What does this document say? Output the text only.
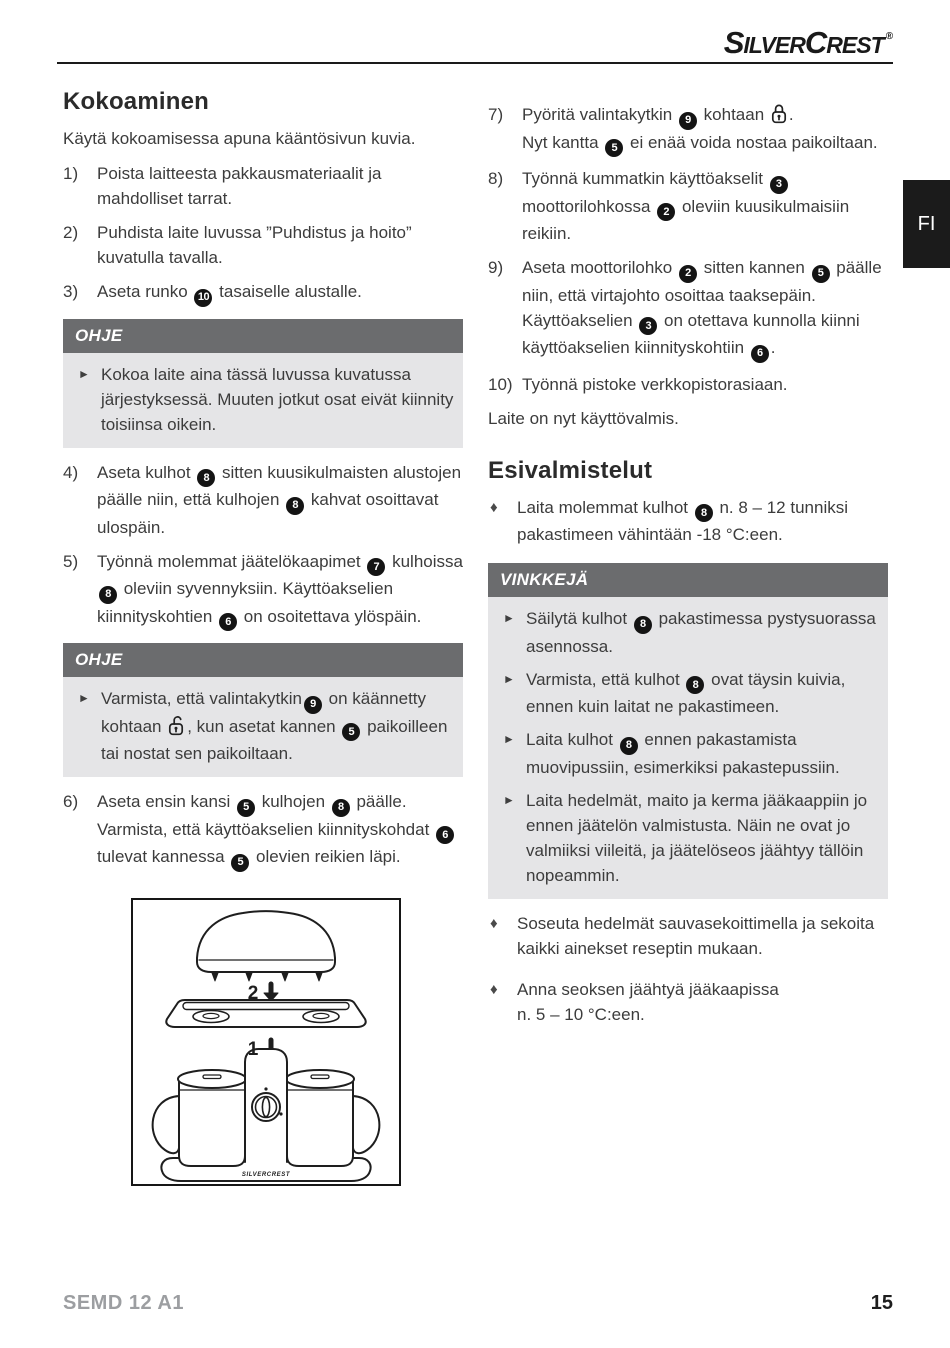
SILVERCREST ®
FI
Kokoaminen

Käytä kokoamisessa apuna kääntösivun kuvia.

1)	Poista laitteesta pakkausmateriaalit ja mahdolliset tarrat.
2)	Puhdista laite luvussa ”Puhdistus ja hoito” kuvatulla tavalla.
3)	Aseta runko 10 tasaiselle alustalle.
OHJE
► Kokoa laite aina tässä luvussa kuvatussa järjestyksessä. Muuten jotkut osat eivät kiinnity toisiinsa oikein.
4)	Aseta kulhot 8 sitten kuusikulmaisten alustojen päälle niin, että kulhojen 8 kahvat osoittavat ulospäin.
5)	Työnnä molemmat jäätelökaapimet 7 kulhoissa 8 oleviin syvennyksiin. Käyttöakselien kiinnityskohtien 6 on osoitettava ylöspäin.
OHJE
► Varmista, että valintakytkin 9 on käännetty kohtaan
, kun asetat kannen 5 paikoilleen tai nostat sen paikoiltaan.
6)	Aseta ensin kansi 5 kulhojen 8 päälle. Varmista, että käyttöakselien kiinnityskohdat 6 tulevat kannessa 5 olevien reikien läpi.
2
1
SILVERCREST
7)	Pyöritä valintakytkin 9 kohtaan
.
Nyt kantta 5 ei enää voida nostaa paikoiltaan.
8)	Työnnä kummatkin käyttöakselit 3 moottorilohkossa 2 oleviin kuusikulmaisiin reikiin.
9)	Aseta moottorilohko 2 sitten kannen 5 päälle niin, että virtajohto osoittaa taaksepäin. Käyttöakselien 3 on otettava kunnolla kiinni käyttöakselien kiinnityskohtiin 6 .
10) Työnnä pistoke verkkopistorasiaan.

Laite on nyt käyttövalmis.

Esivalmistelut
♦	Laita molemmat kulhot 8 n. 8 – 12 tunniksi pakastimeen vähintään -18 °C:een.
VINKKEJÄ
► Säilytä kulhot 8 pakastimessa pystysuorassa asennossa.
► Varmista, että kulhot 8 ovat täysin kuivia, ennen kuin laitat ne pakastimeen.
► Laita kulhot 8 ennen pakastamista muovipussiin, esimerkiksi pakastepussiin.
► Laita hedelmät, maito ja kerma jääkaappiin jo ennen jäätelön valmistusta. Näin ne ovat jo valmiiksi viileitä, ja jäätelöseos jäähtyy tällöin nopeammin.
♦	Soseuta hedelmät sauvasekoittimella ja sekoita kaikki ainekset reseptin mukaan.
♦	Anna seoksen jäähtyä jääkaapissa
n. 5 – 10 °C:een.
SEMD 12 A1	15
